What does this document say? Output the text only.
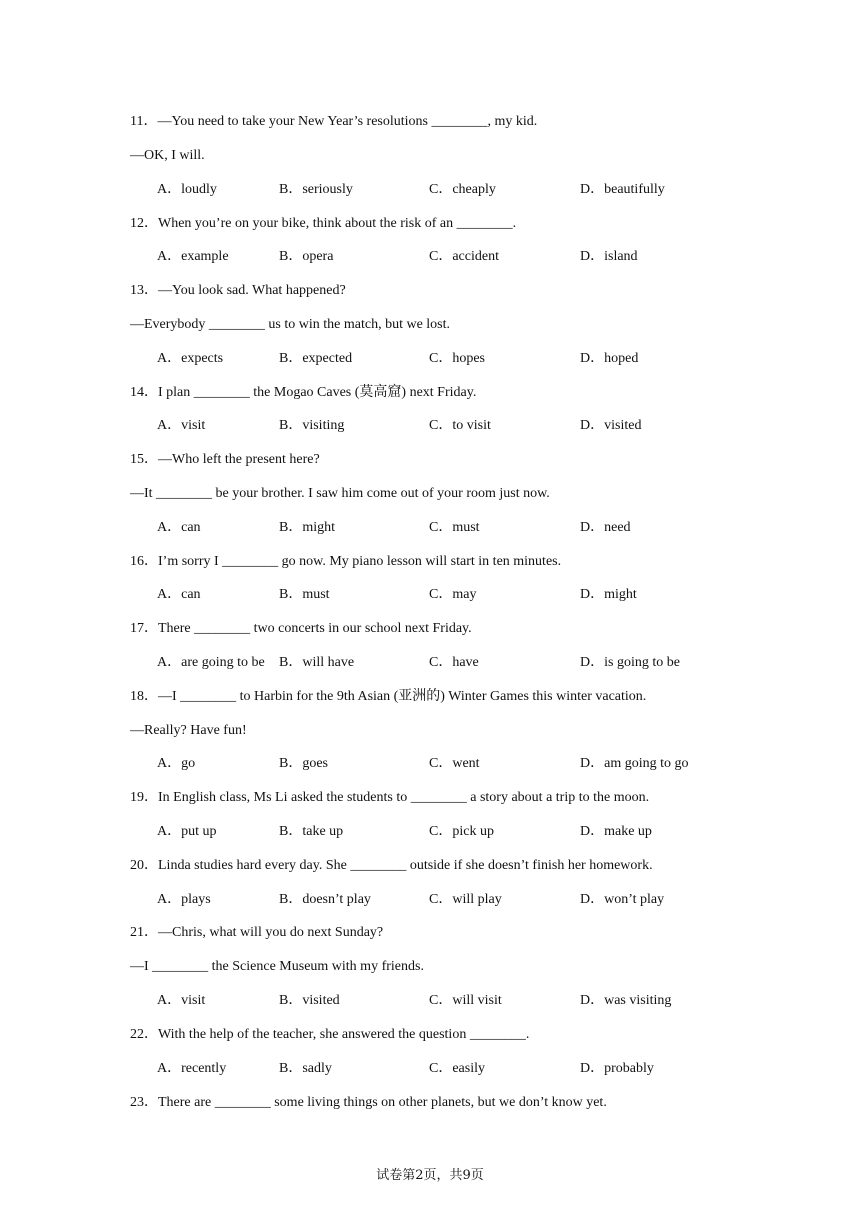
11．—You need to take your New Year’s resolutions ________, my kid.
—OK, I will.
A．loudly	B．seriously	C．cheaply	D．beautifully
12．When you’re on your bike, think about the risk of an ________.
A．example	B．opera	C．accident	D．island
13．—You look sad. What happened?
—Everybody ________ us to win the match, but we lost.
A．expects	B．expected	C．hopes	D．hoped
14．I plan ________ the Mogao Caves (莫高窟) next Friday.
A．visit	B．visiting	C．to visit	D．visited
15．—Who left the present here?
—It ________ be your brother. I saw him come out of your room just now.
A．can	B．might	C．must	D．need
16．I’m sorry I ________ go now. My piano lesson will start in ten minutes.
A．can	B．must	C．may	D．might
17．There ________ two concerts in our school next Friday.
A．are going to be B．will have	C．have	D．is going to be
18．—I ________ to Harbin for the 9th Asian (亚洲的) Winter Games this winter vacation.
—Really? Have fun!
A．go	B．goes	C．went	D．am going to go
19．In English class, Ms Li asked the students to ________ a story about a trip to the moon.
A．put up	B．take up	C．pick up	D．make up
20．Linda studies hard every day. She ________ outside if she doesn’t finish her homework.
A．plays	B．doesn’t play	C．will play	D．won’t play
21．—Chris, what will you do next Sunday?
—I ________ the Science Museum with my friends.
A．visit	B．visited	C．will visit	D．was visiting
22．With the help of the teacher, she answered the question ________.
A．recently	B．sadly	C．easily	D．probably
23．There are ________ some living things on other planets, but we don’t know yet.
试卷第2页，共9页
